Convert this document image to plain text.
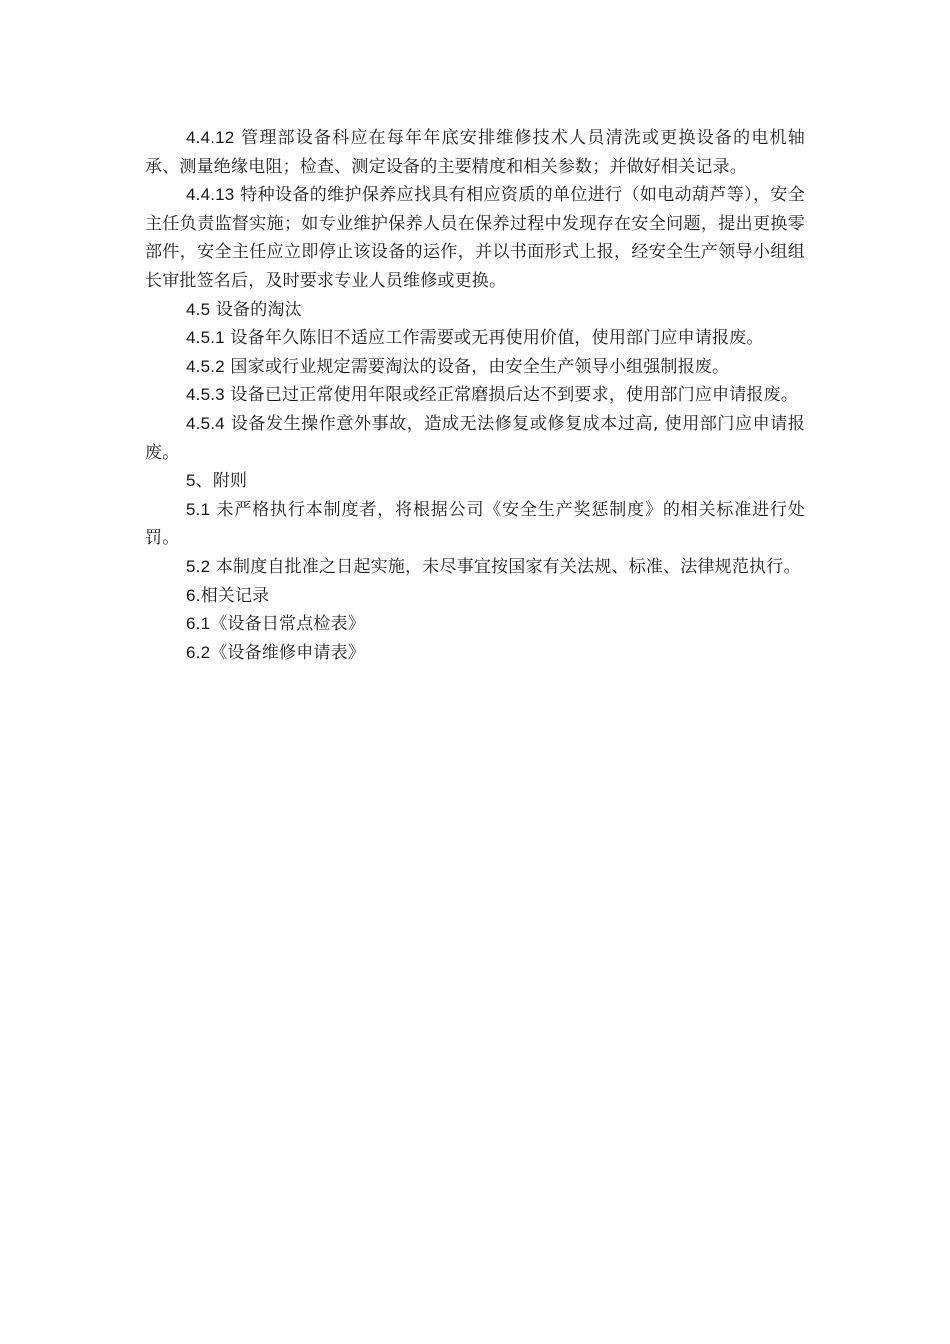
4.4.12 管理部设备科应在每年年底安排维修技术人员清洗或更换设备的电机轴承、测量绝缘电阻；检查、测定设备的主要精度和相关参数；并做好相关记录。

4.4.13 特种设备的维护保养应找具有相应资质的单位进行（如电动葫芦等），安全主任负责监督实施；如专业维护保养人员在保养过程中发现存在安全问题，提出更换零部件，安全主任应立即停止该设备的运作，并以书面形式上报，经安全生产领导小组组长审批签名后，及时要求专业人员维修或更换。

4.5 设备的淘汰

4.5.1 设备年久陈旧不适应工作需要或无再使用价值，使用部门应申请报废。

4.5.2 国家或行业规定需要淘汰的设备，由安全生产领导小组强制报废。

4.5.3 设备已过正常使用年限或经正常磨损后达不到要求，使用部门应申请报废。

4.5.4 设备发生操作意外事故，造成无法修复或修复成本过高, 使用部门应申请报废。

5、附则

5.1 未严格执行本制度者，将根据公司《安全生产奖惩制度》的相关标准进行处罚。

5.2 本制度自批准之日起实施，未尽事宜按国家有关法规、标准、法律规范执行。

6.相关记录

6.1《设备日常点检表》

6.2《设备维修申请表》
